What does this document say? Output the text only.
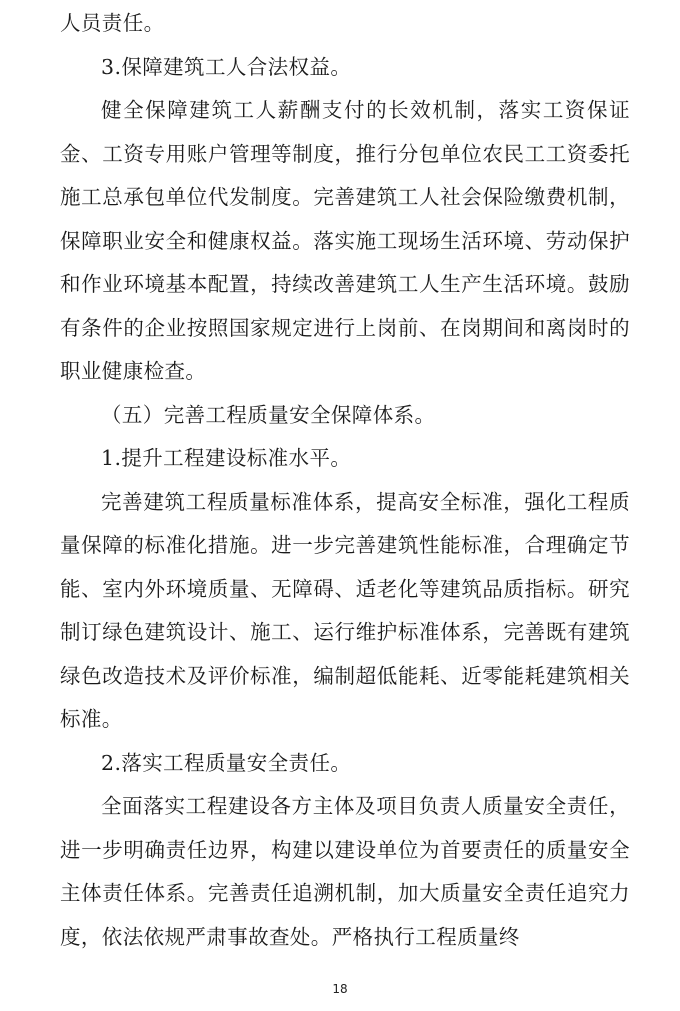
人员责任。

3.保障建筑工人合法权益。

健全保障建筑工人薪酬支付的长效机制，落实工资保证金、工资专用账户管理等制度，推行分包单位农民工工资委托施工总承包单位代发制度。完善建筑工人社会保险缴费机制，保障职业安全和健康权益。落实施工现场生活环境、劳动保护和作业环境基本配置，持续改善建筑工人生产生活环境。鼓励有条件的企业按照国家规定进行上岗前、在岗期间和离岗时的职业健康检查。

（五）完善工程质量安全保障体系。

1.提升工程建设标准水平。

完善建筑工程质量标准体系，提高安全标准，强化工程质量保障的标准化措施。进一步完善建筑性能标准，合理确定节能、室内外环境质量、无障碍、适老化等建筑品质指标。研究制订绿色建筑设计、施工、运行维护标准体系，完善既有建筑绿色改造技术及评价标准，编制超低能耗、近零能耗建筑相关标准。

2.落实工程质量安全责任。

全面落实工程建设各方主体及项目负责人质量安全责任，进一步明确责任边界，构建以建设单位为首要责任的质量安全主体责任体系。完善责任追溯机制，加大质量安全责任追究力度，依法依规严肃事故查处。严格执行工程质量终

18
